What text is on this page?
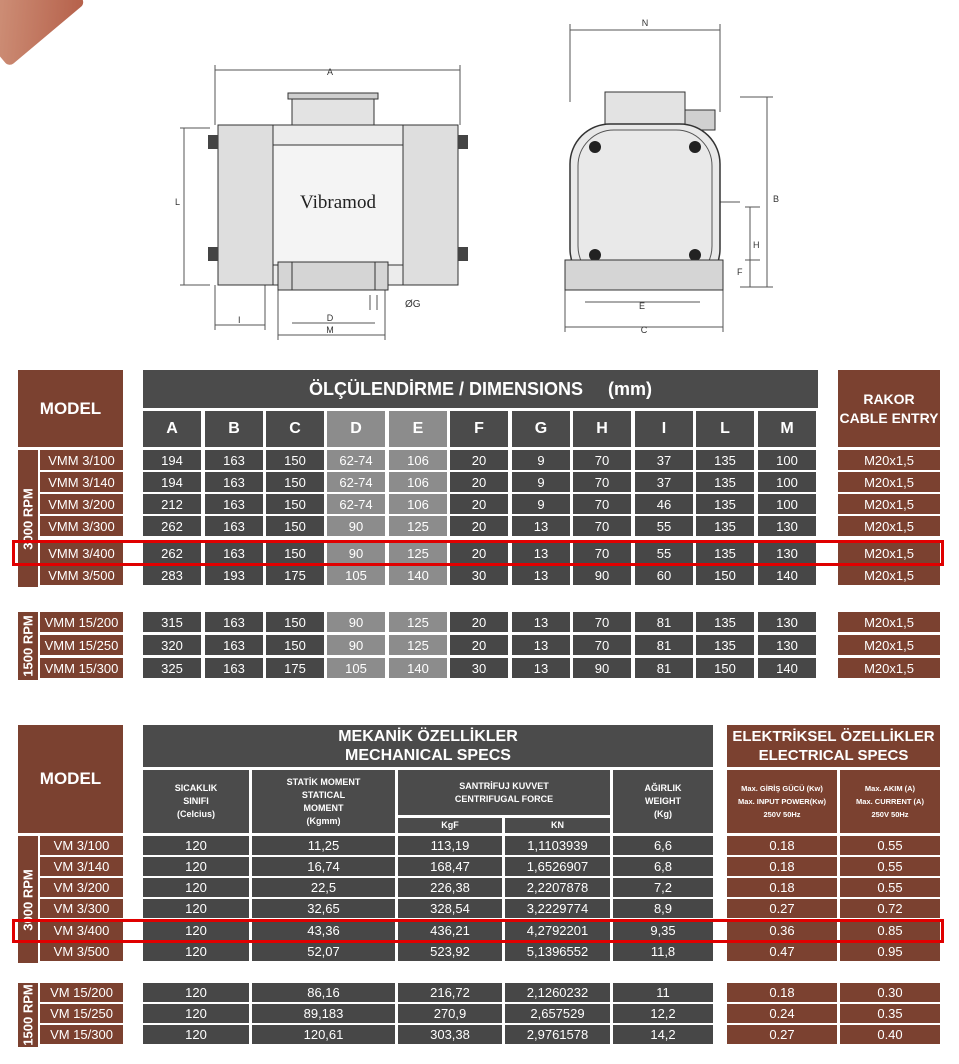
A
L
I	D
M
ØG
Vibramod
N
B
H
F
E
C
MODEL
ÖLÇÜLENDİRME / DIMENSIONS     (mm)	RAKOR
CABLE ENTRY
A	B	C	D	E	F	G	H	I	L	M
3000 RPM
1500 RPM
VMM 3/100	194	163	150	62-74	106	20	9	70	37	135	100	M20x1,5
VMM 3/140	194	163	150	62-74	106	20	9	70	37	135	100	M20x1,5
VMM 3/200	212	163	150	62-74	106	20	9	70	46	135	100	M20x1,5
VMM 3/300	262	163	150	90	125	20	13	70	55	135	130	M20x1,5
VMM 3/400	262	163	150	90	125	20	13	70	55	135	130	M20x1,5
VMM 3/500	283	193	175	105	140	30	13	90	60	150	140	M20x1,5
VMM 15/200	315	163	150	90	125	20	13	70	81	135	130	M20x1,5
VMM 15/250	320	163	150	90	125	20	13	70	81	135	130	M20x1,5
VMM 15/300	325	163	175	105	140	30	13	90	81	150	140	M20x1,5
MODEL
MEKANİK ÖZELLİKLER
MECHANICAL SPECS
ELEKTRİKSEL ÖZELLİKLER
ELECTRICAL SPECS
SICAKLIK
SINIFI
(Celcius)
STATİK MOMENT
STATICAL
MOMENT
(Kgmm)
SANTRİFUJ KUVVET
CENTRIFUGAL FORCE
KgF	KN
AĞIRLIK
WEIGHT
(Kg)
Max. GİRİŞ GÜCÜ (Kw)
Max. INPUT POWER(Kw)
250V 50Hz
Max. AKIM (A)
Max. CURRENT (A)
250V 50Hz
3000 RPM
1500 RPM
VM 3/100	120	11,25	113,19	1,1103939	6,6	0.18	0.55
VM 3/140	120	16,74	168,47	1,6526907	6,8	0.18	0.55
VM 3/200	120	22,5	226,38	2,2207878	7,2	0.18	0.55
VM 3/300	120	32,65	328,54	3,2229774	8,9	0.27	0.72
VM 3/400	120	43,36	436,21	4,2792201	9,35	0.36	0.85
VM 3/500	120	52,07	523,92	5,1396552	11,8	0.47	0.95
VM 15/200	120	86,16	216,72	2,1260232	11	0.18	0.30
VM 15/250	120	89,183	270,9	2,657529	12,2	0.24	0.35
VM 15/300	120	120,61	303,38	2,9761578	14,2	0.27	0.40
